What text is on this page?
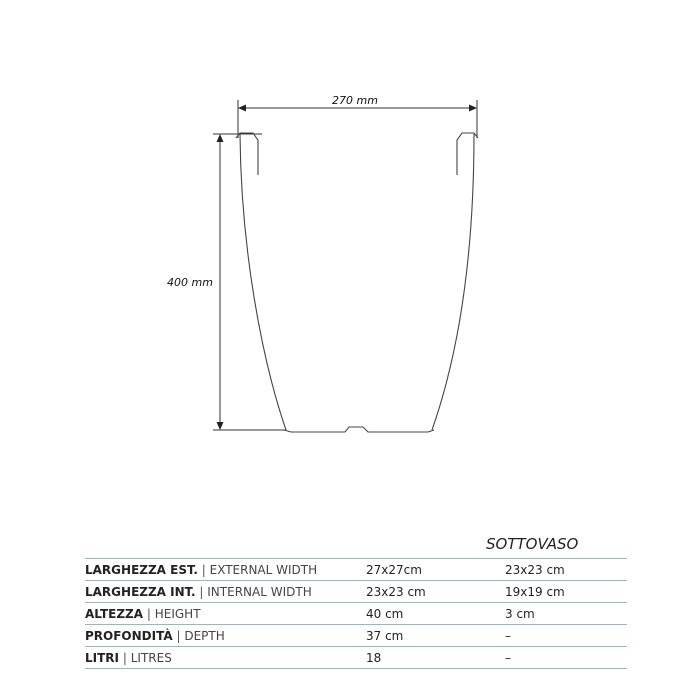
270 mm
400 mm
SOTTOVASO
LARGHEZZA EST. | EXTERNAL WIDTH	27x27cm	23x23 cm
LARGHEZZA INT. | INTERNAL WIDTH	23x23 cm	19x19 cm
ALTEZZA | HEIGHT	40 cm	3 cm
PROFONDITÀ | DEPTH	37 cm	–
LITRI | LITRES	18	–
